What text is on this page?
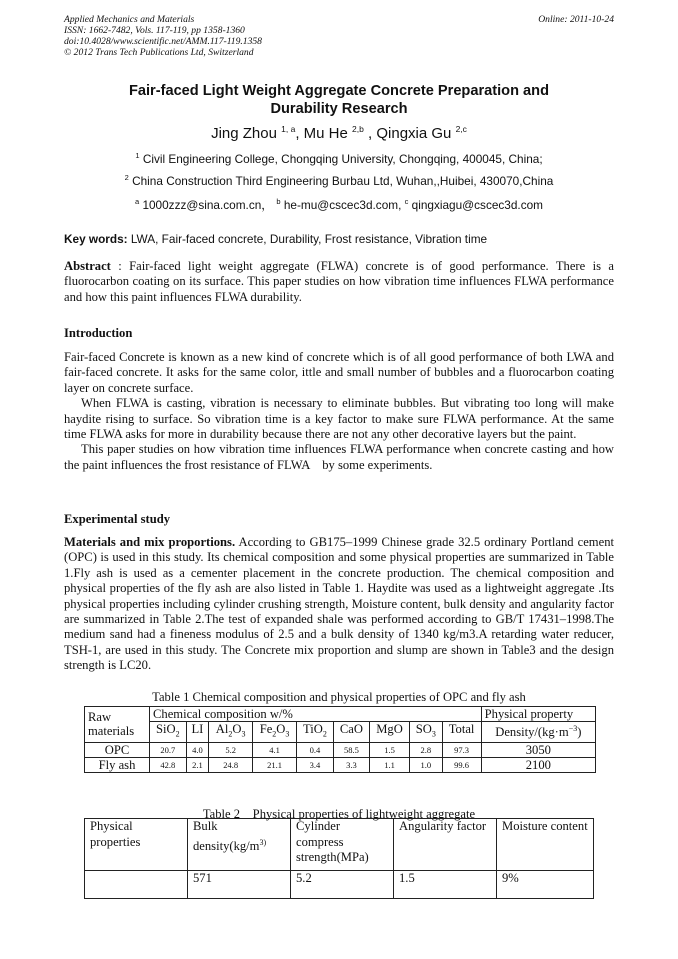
Applied Mechanics and Materials
ISSN: 1662-7482, Vols. 117-119, pp 1358-1360
doi:10.4028/www.scientific.net/AMM.117-119.1358
© 2012 Trans Tech Publications Ltd, Switzerland
Online: 2011-10-24
Fair-faced Light Weight Aggregate Concrete Preparation and
Durability Research
Jing Zhou $^{1, a}$, Mu He $^{2,b}$ , Qingxia Gu $^{2,c}$
$^1$ Civil Engineering College, Chongqing University, Chongqing, 400045, China;
$^2$ China Construction Third Engineering Burbau Ltd, Wuhan,,Huibei, 430070,China
$^a$ 1000zzz@sina.com.cn， $^b$ he-mu@cscec3d.com, $^c$ qingxiagu@cscec3d.com
Key words: LWA, Fair-faced concrete, Durability, Frost resistance, Vibration time
Abstract : Fair-faced light weight aggregate (FLWA) concrete is of good performance. There is a fluorocarbon coating on its surface. This paper studies on how vibration time influences FLWA performance and how this paint influences FLWA durability.
Introduction
Fair-faced Concrete is known as a new kind of concrete which is of all good performance of both LWA and fair-faced concrete. It asks for the same color, ittle and small number of bubbles and a fluorocarbon coating layer on concrete surface.
When FLWA is casting, vibration is necessary to eliminate bubbles. But vibrating too long will make haydite rising to surface. So vibration time is a key factor to make sure FLWA performance. At the same time FLWA asks for more in durability because there are not any other decorative layers but the paint.
This paper studies on how vibration time influences FLWA performance when concrete casting and how the paint influences the frost resistance of FLWA　by some experiments.
Experimental study
Materials and mix proportions. According to GB175–1999 Chinese grade 32.5 ordinary Portland cement (OPC) is used in this study. Its chemical composition and some physical properties are summarized in Table 1.Fly ash is used as a cementer placement in the concrete production. The chemical composition and physical properties of the fly ash are also listed in Table 1. Haydite was used as a lightweight aggregate .Its physical properties including cylinder crushing strength, Moisture content, bulk density and angularity factor are summarized in Table 2.The test of expanded shale was performed according to GB/T 17431–1998.The medium sand had a fineness modulus of 2.5 and a bulk density of 1340 kg/m3.A retarding water reducer, TSH-1, are used in this study. The Concrete mix proportion and slump are shown in Table3 and the design strength is LC20.
Table 1 Chemical composition and physical properties of OPC and fly ash
Raw materials	Chemical composition w/%									Physical property
	SiO$_2$	LI	$Al_2O_3$	$Fe_2O_3$	TiO$_2$	CaO	MgO	$SO_3$	Total	Density/$(kg\cdot m^{-3})$
OPC	20.7	4.0	5.2	4.1	0.4	58.5	1.5	2.8	97.3	3050
Fly ash	42.8	2.1	24.8	21.1	3.4	3.3	1.1	1.0	99.6	2100
Table 2　Physical properties of lightweight aggregate
Physical properties	Bulk $density(kg/m^{3)}$	Cylinder compress strength(MPa)	Angularity factor	Moisture content
	571	5.2	1.5	9%
